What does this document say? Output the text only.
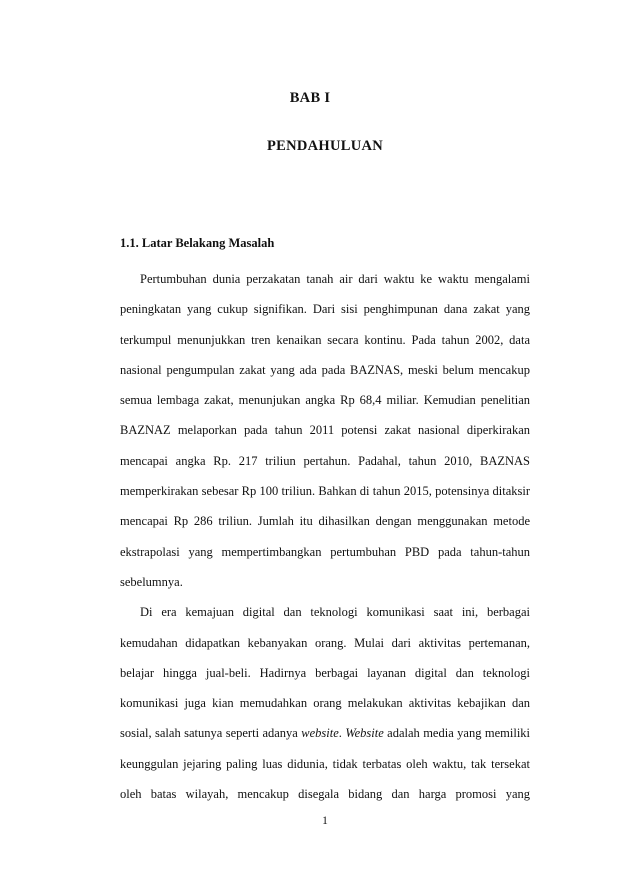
BAB I
PENDAHULUAN
1.1. Latar Belakang Masalah

Pertumbuhan dunia perzakatan tanah air dari waktu ke waktu mengalami

peningkatan yang cukup signifikan. Dari sisi penghimpunan dana zakat yang

terkumpul menunjukkan tren kenaikan secara kontinu. Pada tahun 2002, data

nasional pengumpulan zakat yang ada pada BAZNAS, meski belum mencakup

semua lembaga zakat, menunjukan angka Rp 68,4 miliar. Kemudian penelitian

BAZNAZ melaporkan pada tahun 2011 potensi zakat nasional diperkirakan

mencapai angka Rp. 217 triliun pertahun. Padahal, tahun 2010, BAZNAS

memperkirakan sebesar Rp 100 triliun. Bahkan di tahun 2015, potensinya ditaksir

mencapai Rp 286 triliun. Jumlah itu dihasilkan dengan menggunakan metode

ekstrapolasi yang mempertimbangkan pertumbuhan PBD pada tahun-tahun

sebelumnya.

Di era kemajuan digital dan teknologi komunikasi saat ini, berbagai

kemudahan didapatkan kebanyakan orang. Mulai dari aktivitas pertemanan,

belajar hingga jual-beli. Hadirnya berbagai layanan digital dan teknologi

komunikasi juga kian memudahkan orang melakukan aktivitas kebajikan dan

sosial, salah satunya seperti adanya website. Website adalah media yang memiliki

keunggulan jejaring paling luas didunia, tidak terbatas oleh waktu, tak tersekat

oleh batas wilayah, mencakup disegala bidang dan harga promosi yang

1
